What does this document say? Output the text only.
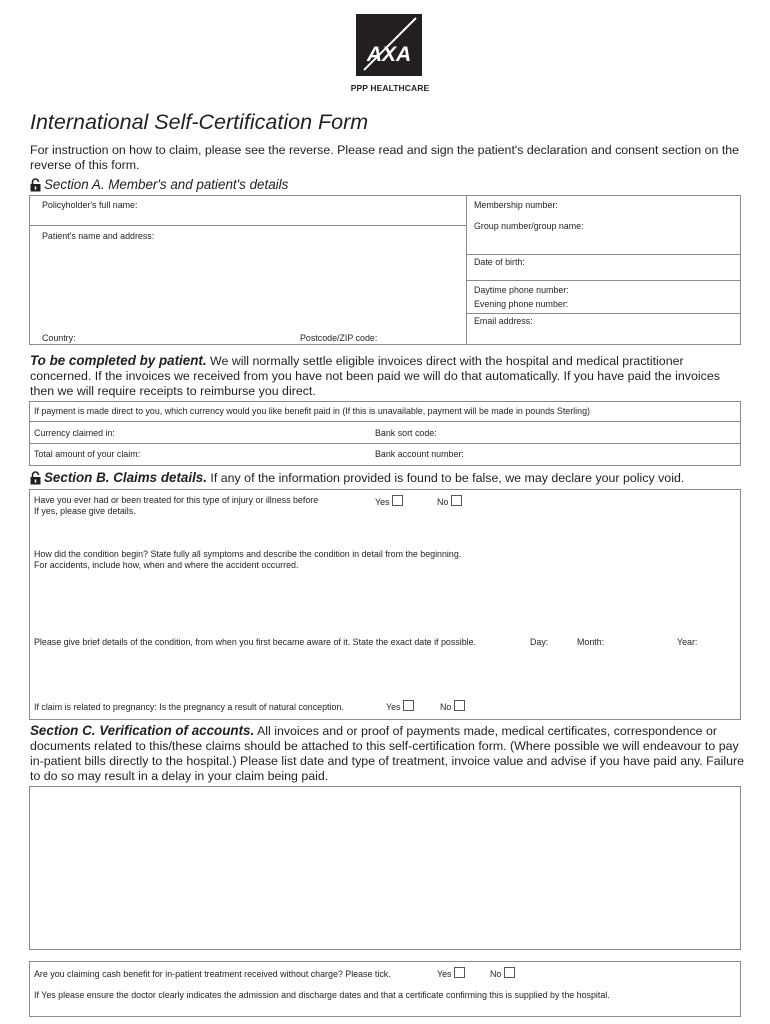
AXA
PPP HEALTHCARE
International Self-Certification Form
For instruction on how to claim, please see the reverse. Please read and sign the patient's declaration and consent section on the reverse of this form.
Section A. Member's and patient's details
Policyholder's full name:
Patient's name and address:
Country:	Postcode/ZIP code:
Membership number:
Group number/group name:
Date of birth:
Daytime phone number:
Evening phone number:
Email address:
To be completed by patient. We will normally settle eligible invoices direct with the hospital and medical practitioner concerned. If the invoices we received from you have not been paid we will do that automatically. If you have paid the invoices then we will require receipts to reimburse you direct.
If payment is made direct to you, which currency would you like benefit paid in (If this is unavailable, payment will be made in pounds Sterling)
Currency claimed in:	Bank sort code:
Total amount of your claim:	Bank account number:
Section B. Claims details. If any of the information provided is found to be false, we may declare your policy void.
Have you ever had or been treated for this type of injury or illness before
If yes, please give details.
Yes	No
How did the condition begin? State fully all symptoms and describe the condition in detail from the beginning.
For accidents, include how, when and where the accident occurred.
Please give brief details of the condition, from when you first became aware of it. State the exact date if possible.	Day:	Month:	Year:
If claim is related to pregnancy: Is the pregnancy a result of natural conception.	Yes	No
Section C. Verification of accounts. All invoices and or proof of payments made, medical certificates, correspondence or documents related to this/these claims should be attached to this self-certification form. (Where possible we will endeavour to pay in-patient bills directly to the hospital.) Please list date and type of treatment, invoice value and advise if you have paid any. Failure to do so may result in a delay in your claim being paid.
Are you claiming cash benefit for in-patient treatment received without charge? Please tick.	Yes	No
If Yes please ensure the doctor clearly indicates the admission and discharge dates and that a certificate confirming this is supplied by the hospital.
